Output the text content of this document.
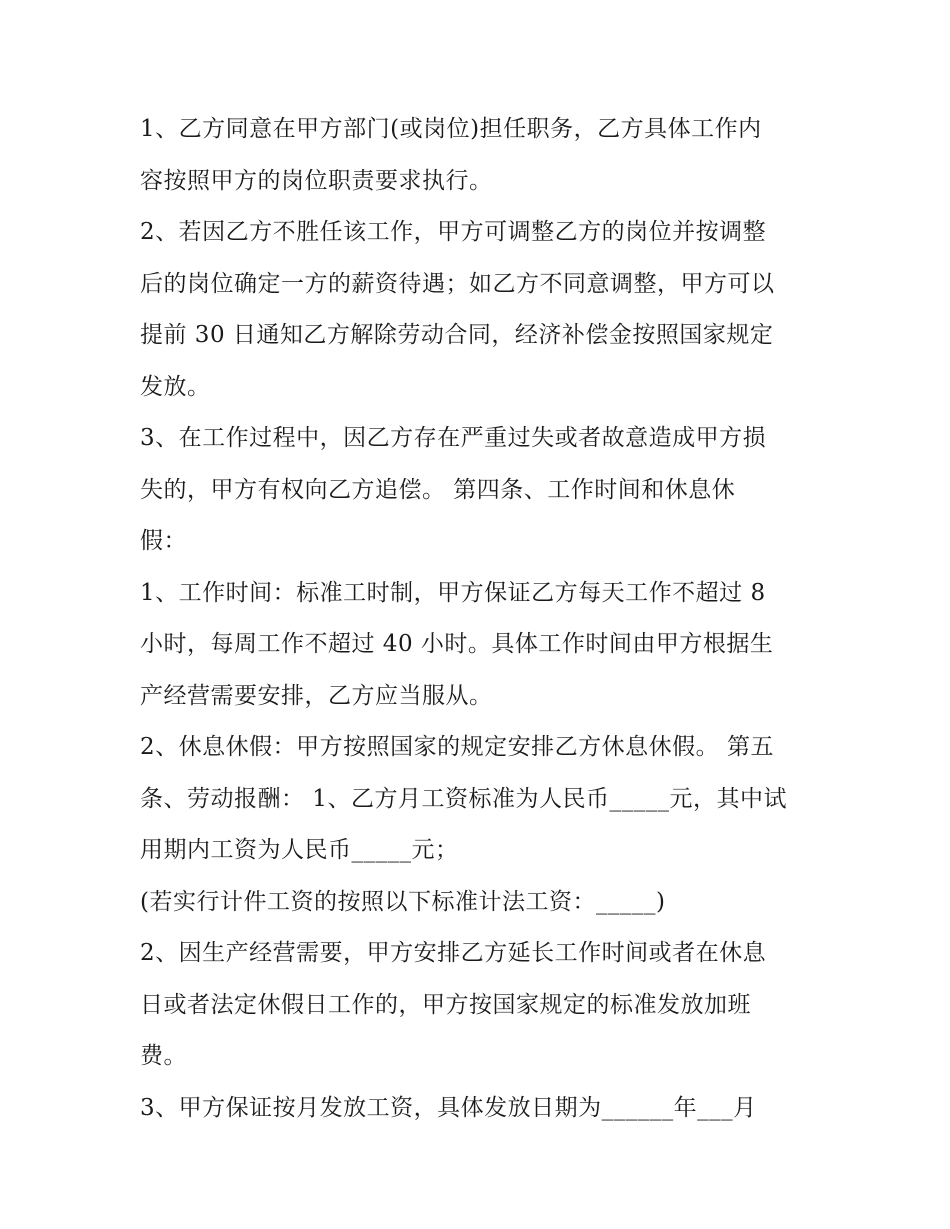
1、乙方同意在甲方部门(或岗位)担任职务，乙方具体工作内
容按照甲方的岗位职责要求执行。
2、若因乙方不胜任该工作，甲方可调整乙方的岗位并按调整
后的岗位确定一方的薪资待遇；如乙方不同意调整，甲方可以
提前 30 日通知乙方解除劳动合同，经济补偿金按照国家规定
发放。
3、在工作过程中，因乙方存在严重过失或者故意造成甲方损
失的，甲方有权向乙方追偿。 第四条、工作时间和休息休
假：
1、工作时间：标准工时制，甲方保证乙方每天工作不超过 8
小时，每周工作不超过 40 小时。具体工作时间由甲方根据生
产经营需要安排，乙方应当服从。
2、休息休假：甲方按照国家的规定安排乙方休息休假。 第五
条、劳动报酬： 1、乙方月工资标准为人民币_____元，其中试
用期内工资为人民币_____元；
(若实行计件工资的按照以下标准计法工资：_____)
2、因生产经营需要，甲方安排乙方延长工作时间或者在休息
日或者法定休假日工作的，甲方按国家规定的标准发放加班
费。
3、甲方保证按月发放工资，具体发放日期为______年___月
